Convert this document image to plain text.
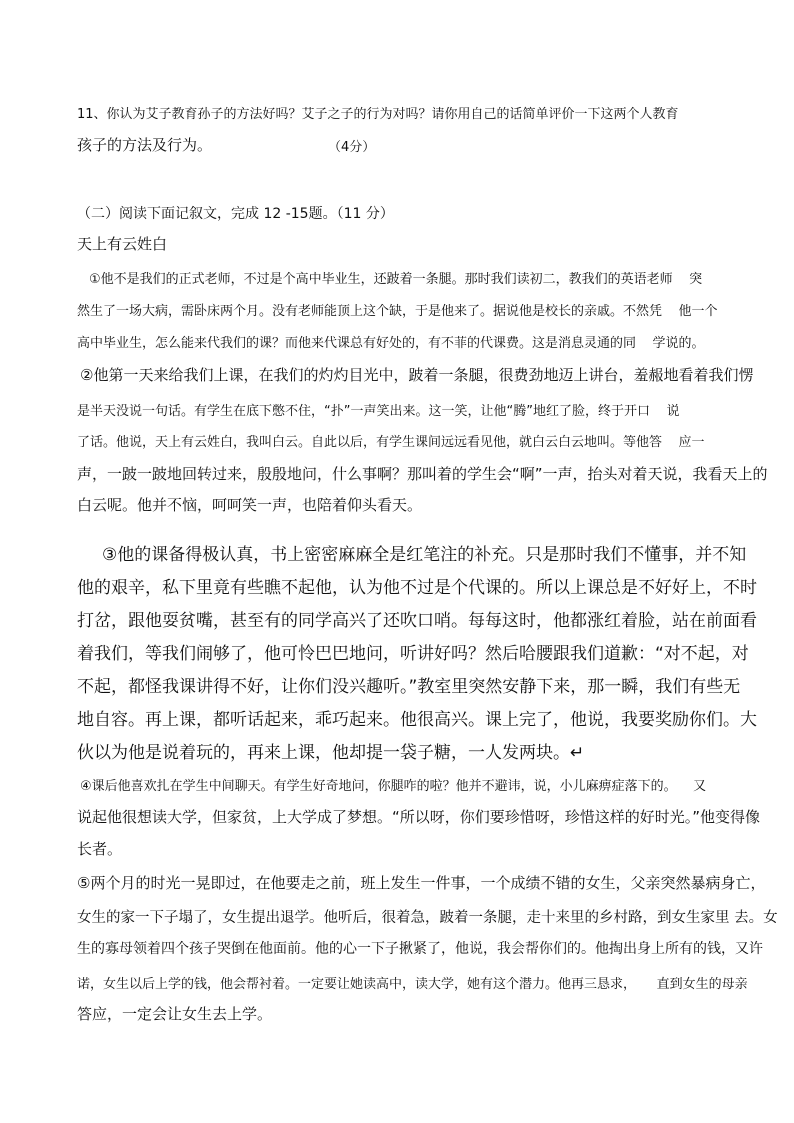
11、你认为艾子教育孙子的方法好吗？艾子之子的行为对吗？请你用自己的话简单评价一下这两个人教育
孩子的方法及行为。	（4分）
（二）阅读下面记叙文，完成 12 -15题。（11 分）
天上有云姓白
①他不是我们的正式老师，不过是个高中毕业生，还跛着一条腿。那时我们读初二，教我们的英语老师    突
然生了一场大病，需卧床两个月。没有老师能顶上这个缺，于是他来了。据说他是校长的亲戚。不然凭    他一个
高中毕业生，怎么能来代我们的课？而他来代课总有好处的，有不菲的代课费。这是消息灵通的同    学说的。
②他第一天来给我们上课，在我们的灼灼目光中，跛着一条腿，很费劲地迈上讲台，羞赧地看着我们愣
是半天没说一句话。有学生在底下憋不住，“扑”一声笑出来。这一笑，让他“腾”地红了脸，终于开口    说
了话。他说，天上有云姓白，我叫白云。自此以后，有学生课间远远看见他，就白云白云地叫。等他答    应一
声，一跛一跛地回转过来，殷殷地问，什么事啊？那叫着的学生会“啊”一声，抬头对着天说，我看天上的
白云呢。他并不恼，呵呵笑一声，也陪着仰头看天。
③他的课备得极认真，书上密密麻麻全是红笔注的补充。只是那时我们不懂事，并不知
他的艰辛，私下里竟有些瞧不起他，认为他不过是个代课的。所以上课总是不好好上，不时
打岔，跟他耍贫嘴，甚至有的同学高兴了还吹口哨。每每这时，他都涨红着脸，站在前面看
着我们，等我们闹够了，他可怜巴巴地问，听讲好吗？然后哈腰跟我们道歉：“对不起，对
不起，都怪我课讲得不好，让你们没兴趣听。”教室里突然安静下来，那一瞬，我们有些无
地自容。再上课，都听话起来，乖巧起来。他很高兴。课上完了，他说，我要奖励你们。大
伙以为他是说着玩的，再来上课，他却提一袋子糖，一人发两块。↵
④课后他喜欢扎在学生中间聊天。有学生好奇地问，你腿咋的啦？他并不避讳，说，小儿麻痹症落下的。    又
说起他很想读大学，但家贫，上大学成了梦想。“所以呀，你们要珍惜呀，珍惜这样的好时光。”他变得像
长者。
⑤两个月的时光一晃即过，在他要走之前，班上发生一件事，一个成绩不错的女生，父亲突然暴病身亡，
女生的家一下子塌了，女生提出退学。他听后，很着急，跛着一条腿，走十来里的乡村路，到女生家里 去。女
生的寡母领着四个孩子哭倒在他面前。他的心一下子揪紧了，他说，我会帮你们的。他掏出身上所有的钱，又许
诺，女生以后上学的钱，他会帮衬着。一定要让她读高中，读大学，她有这个潜力。他再三恳求，     直到女生的母亲
答应，一定会让女生去上学。
